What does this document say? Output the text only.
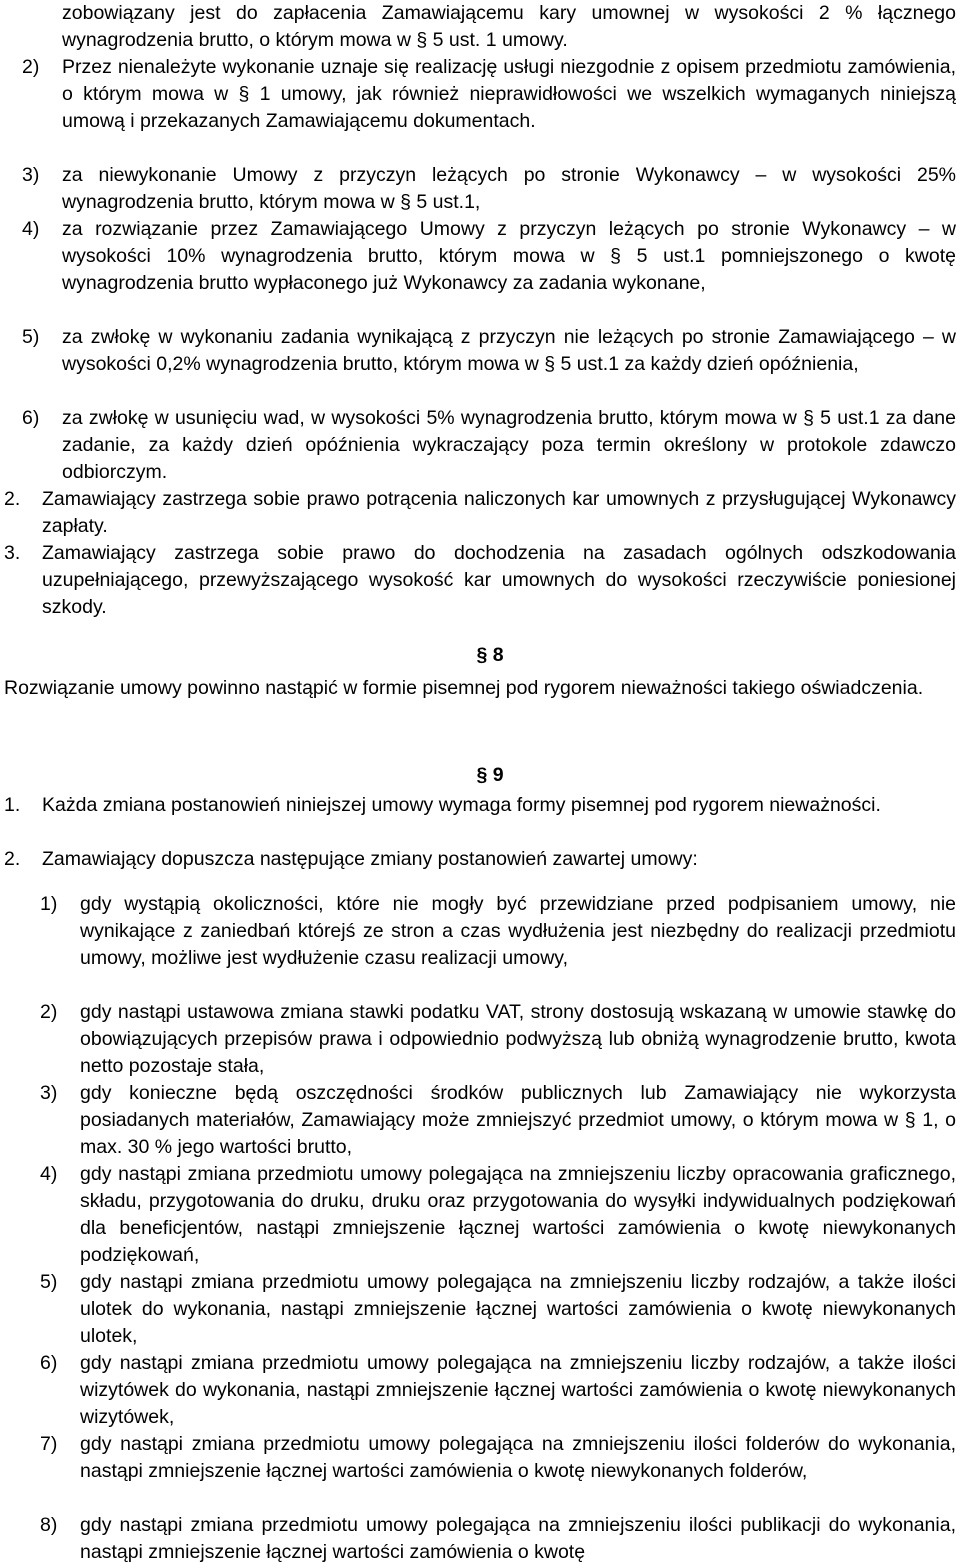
zobowiązany jest do zapłacenia Zamawiającemu kary umownej w wysokości 2 % łącznego wynagrodzenia brutto, o którym mowa w § 5 ust. 1 umowy.

2) Przez nienależyte wykonanie uznaje się realizację usługi niezgodnie z opisem przedmiotu zamówienia, o którym mowa w § 1 umowy, jak również nieprawidłowości we wszelkich wymaganych niniejszą umową i przekazanych Zamawiającemu dokumentach.
3) za niewykonanie Umowy z przyczyn leżących po stronie Wykonawcy – w wysokości 25% wynagrodzenia brutto, którym mowa w § 5 ust.1,
4) za rozwiązanie przez Zamawiającego Umowy z przyczyn leżących po stronie Wykonawcy – w wysokości 10% wynagrodzenia brutto, którym mowa w § 5 ust.1 pomniejszonego o kwotę wynagrodzenia brutto wypłaconego już Wykonawcy za zadania wykonane,
5) za zwłokę w wykonaniu zadania wynikającą z przyczyn nie leżących po stronie Zamawiającego – w wysokości 0,2% wynagrodzenia brutto, którym mowa w § 5 ust.1 za każdy dzień opóźnienia,
6) za zwłokę w usunięciu wad, w wysokości 5% wynagrodzenia brutto, którym mowa w § 5 ust.1 za dane zadanie, za każdy dzień opóźnienia wykraczający poza termin określony w protokole zdawczo odbiorczym.
2. Zamawiający zastrzega sobie prawo potrącenia naliczonych kar umownych z przysługującej Wykonawcy zapłaty.
3. Zamawiający zastrzega sobie prawo do dochodzenia na zasadach ogólnych odszkodowania uzupełniającego, przewyższającego wysokość kar umownych do wysokości rzeczywiście poniesionej szkody.
§ 8

Rozwiązanie umowy powinno nastąpić w formie pisemnej pod rygorem nieważności takiego oświadczenia.

§ 9
1. Każda zmiana postanowień niniejszej umowy wymaga formy pisemnej pod rygorem nieważności.
2. Zamawiający dopuszcza następujące zmiany postanowień zawartej umowy:
1) gdy wystąpią okoliczności, które nie mogły być przewidziane przed podpisaniem umowy, nie wynikające z zaniedbań którejś ze stron a czas wydłużenia jest niezbędny do realizacji przedmiotu umowy, możliwe jest wydłużenie czasu realizacji umowy,
2) gdy nastąpi ustawowa zmiana stawki podatku VAT, strony dostosują wskazaną w umowie stawkę do obowiązujących przepisów prawa i odpowiednio podwyższą lub obniżą wynagrodzenie brutto, kwota netto pozostaje stała,
3) gdy konieczne będą oszczędności środków publicznych lub Zamawiający nie wykorzysta posiadanych materiałów, Zamawiający może zmniejszyć przedmiot umowy, o którym mowa w § 1, o max. 30 % jego wartości brutto,
4) gdy nastąpi zmiana przedmiotu umowy polegająca na zmniejszeniu liczby opracowania graficznego, składu, przygotowania do druku, druku oraz przygotowania do wysyłki indywidualnych podziękowań dla beneficjentów, nastąpi zmniejszenie łącznej wartości zamówienia o kwotę niewykonanych podziękowań,
5) gdy nastąpi zmiana przedmiotu umowy polegająca na zmniejszeniu liczby rodzajów, a także ilości ulotek do wykonania, nastąpi zmniejszenie łącznej wartości zamówienia o kwotę niewykonanych ulotek,
6) gdy nastąpi zmiana przedmiotu umowy polegająca na zmniejszeniu liczby rodzajów, a także ilości wizytówek do wykonania, nastąpi zmniejszenie łącznej wartości zamówienia o kwotę niewykonanych wizytówek,
7) gdy nastąpi zmiana przedmiotu umowy polegająca na zmniejszeniu ilości folderów do wykonania, nastąpi zmniejszenie łącznej wartości zamówienia o kwotę niewykonanych folderów,
8) gdy nastąpi zmiana przedmiotu umowy polegająca na zmniejszeniu ilości publikacji do wykonania, nastąpi zmniejszenie łącznej wartości zamówienia o kwotę
